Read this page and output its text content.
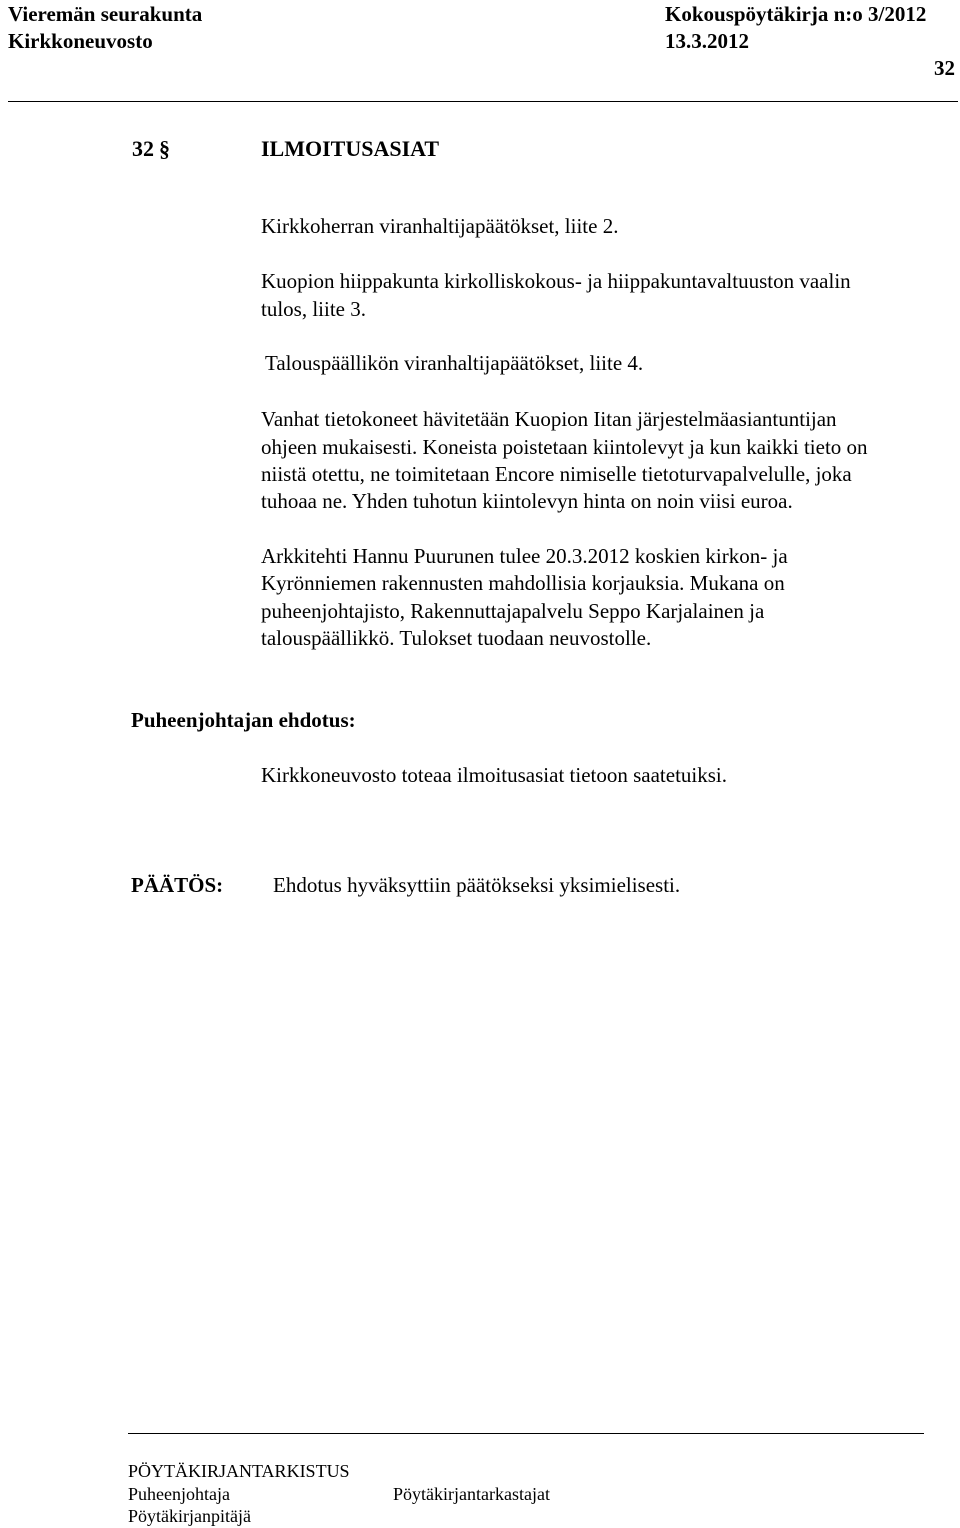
Vieremän seurakunta
Kirkkoneuvosto
Kokouspöytäkirja n:o 3/2012
13.3.2012
32
32 §	ILMOITUSASIAT
Kirkkoherran viranhaltijapäätökset, liite 2.
Kuopion hiippakunta kirkolliskokous- ja hiippakuntavaltuuston vaalin
tulos, liite 3.
Talouspäällikön viranhaltijapäätökset, liite 4.
Vanhat tietokoneet hävitetään Kuopion Iitan järjestelmäasiantuntijan
ohjeen mukaisesti. Koneista poistetaan kiintolevyt ja kun kaikki tieto on
niistä otettu, ne toimitetaan Encore nimiselle tietoturvapalvelulle, joka
tuhoaa ne. Yhden tuhotun kiintolevyn hinta on noin viisi euroa.
Arkkitehti Hannu Puurunen tulee 20.3.2012 koskien kirkon- ja
Kyrönniemen rakennusten mahdollisia korjauksia. Mukana on
puheenjohtajisto, Rakennuttajapalvelu Seppo Karjalainen ja
talouspäällikkö. Tulokset tuodaan neuvostolle.
Puheenjohtajan ehdotus:
Kirkkoneuvosto toteaa ilmoitusasiat tietoon saatetuiksi.
PÄÄTÖS: Ehdotus hyväksyttiin päätökseksi yksimielisesti.
PÖYTÄKIRJANTARKISTUS
Puheenjohtaja	Pöytäkirjantarkastajat
Pöytäkirjanpitäjä
